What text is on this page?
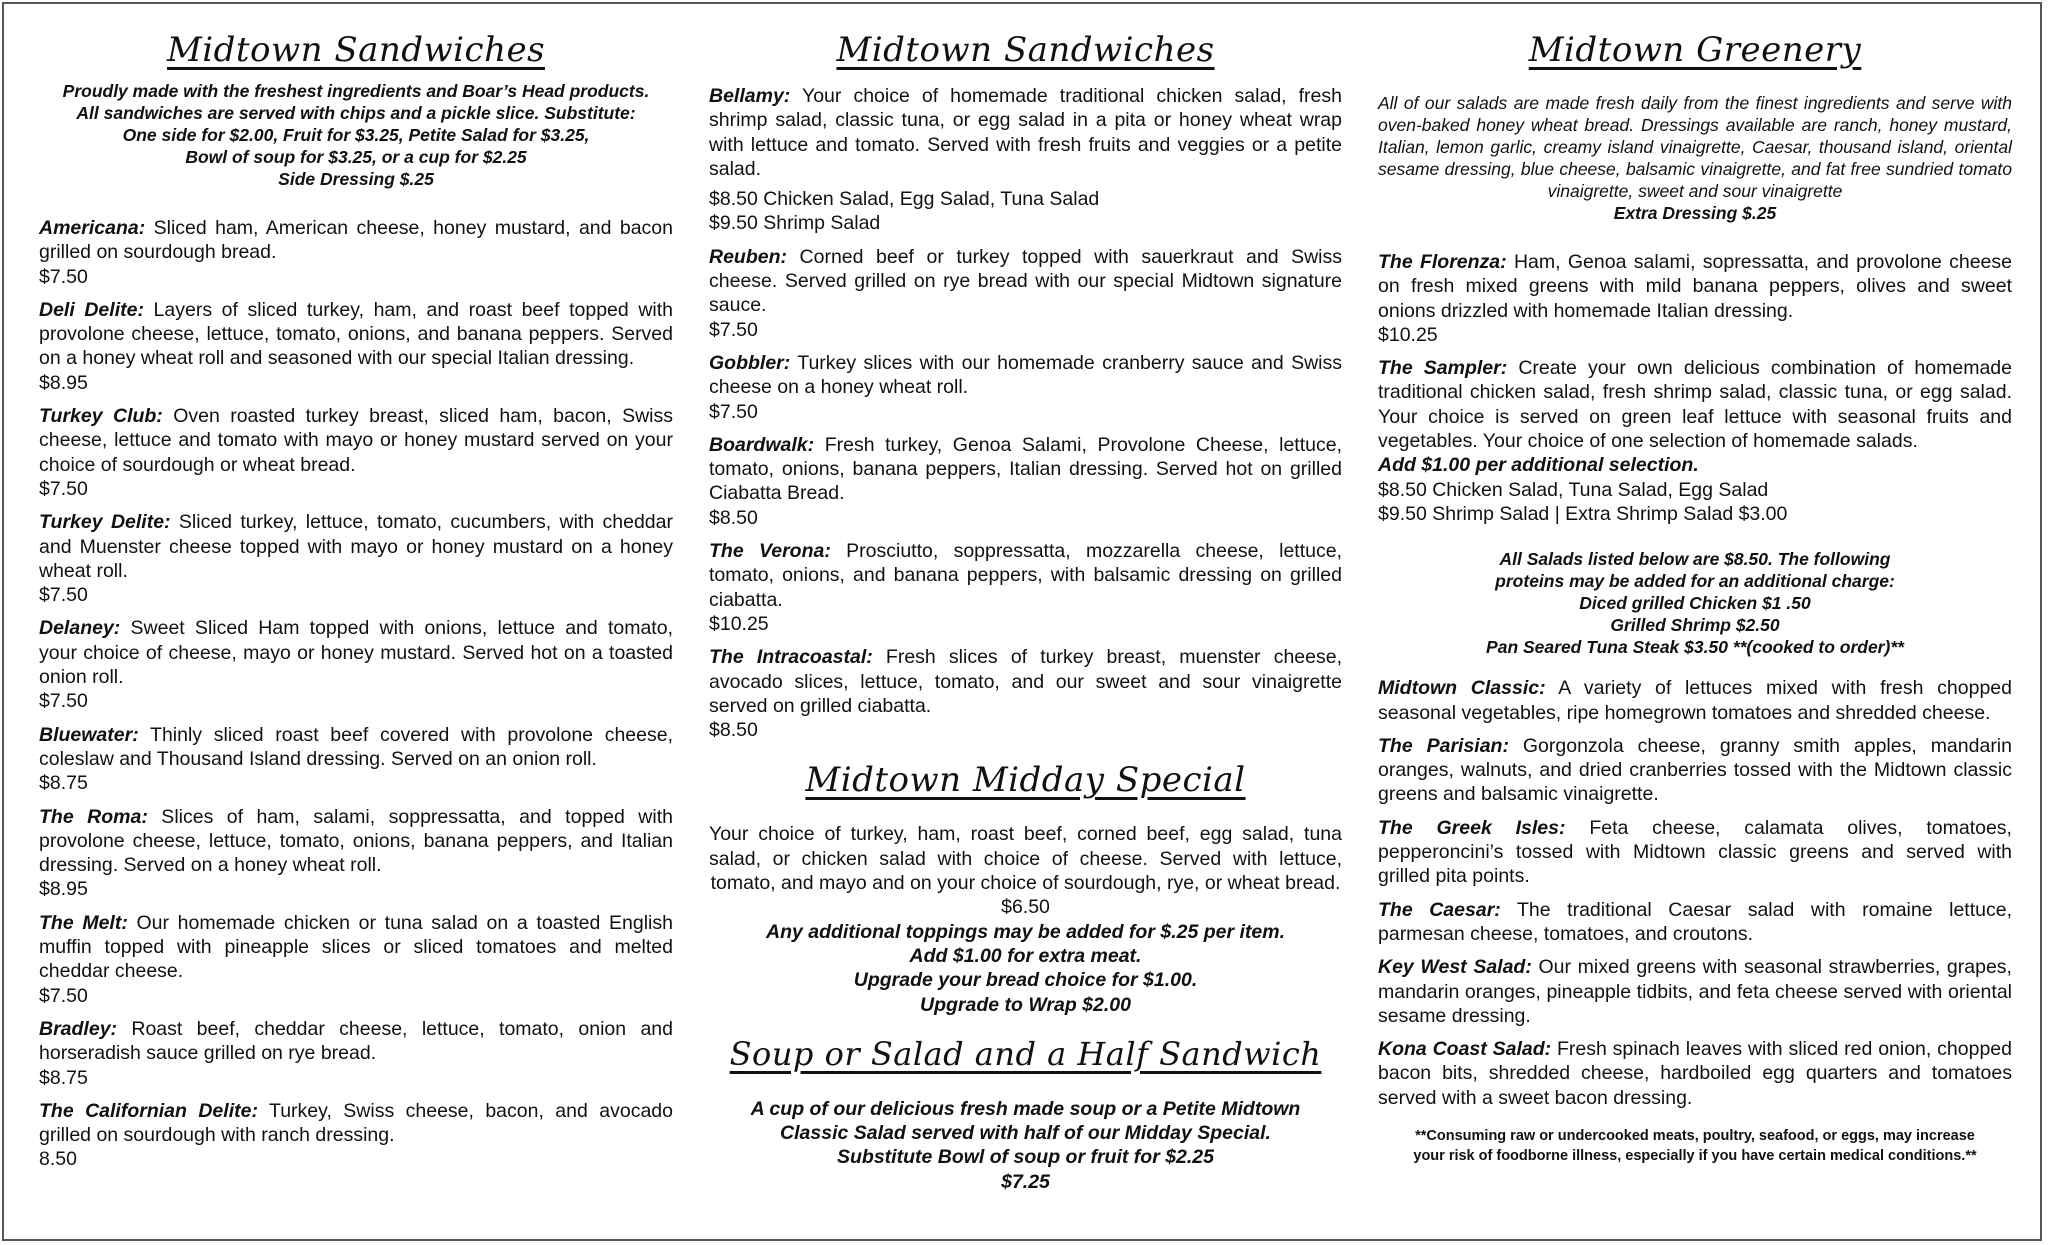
Midtown Sandwiches

Proudly made with the freshest ingredients and Boar’s Head products.

All sandwiches are served with chips and a pickle slice. Substitute:

One side for $2.00, Fruit for $3.25, Petite Salad for $3.25,

Bowl of soup for $3.25, or a cup for $2.25

Side Dressing $.25

Americana: Sliced ham, American cheese, honey mustard, and bacon grilled on sourdough bread.
$7.50
Deli Delite: Layers of sliced turkey, ham, and roast beef topped with provolone cheese, lettuce, tomato, onions, and banana peppers. Served on a honey wheat roll and seasoned with our special Italian dressing.
$8.95
Turkey Club: Oven roasted turkey breast, sliced ham, bacon, Swiss cheese, lettuce and tomato with mayo or honey mustard served on your choice of sourdough or wheat bread.
$7.50
Turkey Delite: Sliced turkey, lettuce, tomato, cucumbers, with cheddar and Muenster cheese topped with mayo or honey mustard on a honey wheat roll.
$7.50
Delaney: Sweet Sliced Ham topped with onions, lettuce and tomato, your choice of cheese, mayo or honey mustard. Served hot on a toasted onion roll.
$7.50
Bluewater: Thinly sliced roast beef covered with provolone cheese, coleslaw and Thousand Island dressing. Served on an onion roll.
$8.75
The Roma: Slices of ham, salami, soppressatta, and topped with provolone cheese, lettuce, tomato, onions, banana peppers, and Italian dressing. Served on a honey wheat roll.
$8.95
The Melt: Our homemade chicken or tuna salad on a toasted English muffin topped with pineapple slices or sliced tomatoes and melted cheddar cheese.
$7.50
Bradley: Roast beef, cheddar cheese, lettuce, tomato, onion and horseradish sauce grilled on rye bread.
$8.75
The Californian Delite: Turkey, Swiss cheese, bacon, and avocado grilled on sourdough with ranch dressing.
8.50
Midtown Sandwiches
Bellamy: Your choice of homemade traditional chicken salad, fresh shrimp salad, classic tuna, or egg salad in a pita or honey wheat wrap with lettuce and tomato. Served with fresh fruits and veggies or a petite salad.

$8.50 Chicken Salad, Egg Salad, Tuna Salad

$9.50 Shrimp Salad

Reuben: Corned beef or turkey topped with sauerkraut and Swiss cheese. Served grilled on rye bread with our special Midtown signature sauce.
$7.50
Gobbler: Turkey slices with our homemade cranberry sauce and Swiss cheese on a honey wheat roll.
$7.50
Boardwalk: Fresh turkey, Genoa Salami, Provolone Cheese, lettuce, tomato, onions, banana peppers, Italian dressing. Served hot on grilled Ciabatta Bread.
$8.50
The Verona: Prosciutto, soppressatta, mozzarella cheese, lettuce, tomato, onions, and banana peppers, with balsamic dressing on grilled ciabatta.
$10.25
The Intracoastal: Fresh slices of turkey breast, muenster cheese, avocado slices, lettuce, tomato, and our sweet and sour vinaigrette served on grilled ciabatta.
$8.50
Midtown Midday Special

Your choice of turkey, ham, roast beef, corned beef, egg salad, tuna salad, or chicken salad with choice of cheese. Served with lettuce, tomato, and mayo and on your choice of sourdough, rye, or wheat bread.

$6.50

Any additional toppings may be added for $.25 per item.

Add $1.00 for extra meat.

Upgrade your bread choice for $1.00.

Upgrade to Wrap $2.00

Soup or Salad and a Half Sandwich

A cup of our delicious fresh made soup or a Petite Midtown

Classic Salad served with half of our Midday Special.

Substitute Bowl of soup or fruit for $2.25

$7.25

Midtown Greenery

All of our salads are made fresh daily from the finest ingredients and serve with oven-baked honey wheat bread. Dressings available are ranch, honey mustard, Italian, lemon garlic, creamy island vinaigrette, Caesar, thousand island, oriental sesame dressing, blue cheese, balsamic vinaigrette, and fat free sundried tomato vinaigrette, sweet and sour vinaigrette

Extra Dressing $.25

The Florenza: Ham, Genoa salami, sopressatta, and provolone cheese on fresh mixed greens with mild banana peppers, olives and sweet onions drizzled with homemade Italian dressing.
$10.25
The Sampler: Create your own delicious combination of homemade traditional chicken salad, fresh shrimp salad, classic tuna, or egg salad. Your choice is served on green leaf lettuce with seasonal fruits and vegetables. Your choice of one selection of homemade salads.

Add $1.00 per additional selection.

$8.50 Chicken Salad, Tuna Salad, Egg Salad

$9.50 Shrimp Salad | Extra Shrimp Salad $3.00

All Salads listed below are $8.50. The following

proteins may be added for an additional charge:

Diced grilled Chicken $1 .50

Grilled Shrimp $2.50

Pan Seared Tuna Steak $3.50 **(cooked to order)**

Midtown Classic: A variety of lettuces mixed with fresh chopped seasonal vegetables, ripe homegrown tomatoes and shredded cheese.
The Parisian: Gorgonzola cheese, granny smith apples, mandarin oranges, walnuts, and dried cranberries tossed with the Midtown classic greens and balsamic vinaigrette.
The Greek Isles: Feta cheese, calamata olives, tomatoes, pepperoncini’s tossed with Midtown classic greens and served with grilled pita points.
The Caesar: The traditional Caesar salad with romaine lettuce, parmesan cheese, tomatoes, and croutons.
Key West Salad: Our mixed greens with seasonal strawberries, grapes, mandarin oranges, pineapple tidbits, and feta cheese served with oriental sesame dressing.
Kona Coast Salad: Fresh spinach leaves with sliced red onion, chopped bacon bits, shredded cheese, hardboiled egg quarters and tomatoes served with a sweet bacon dressing.

**Consuming raw or undercooked meats, poultry, seafood, or eggs, may increase

your risk of foodborne illness, especially if you have certain medical conditions.**
